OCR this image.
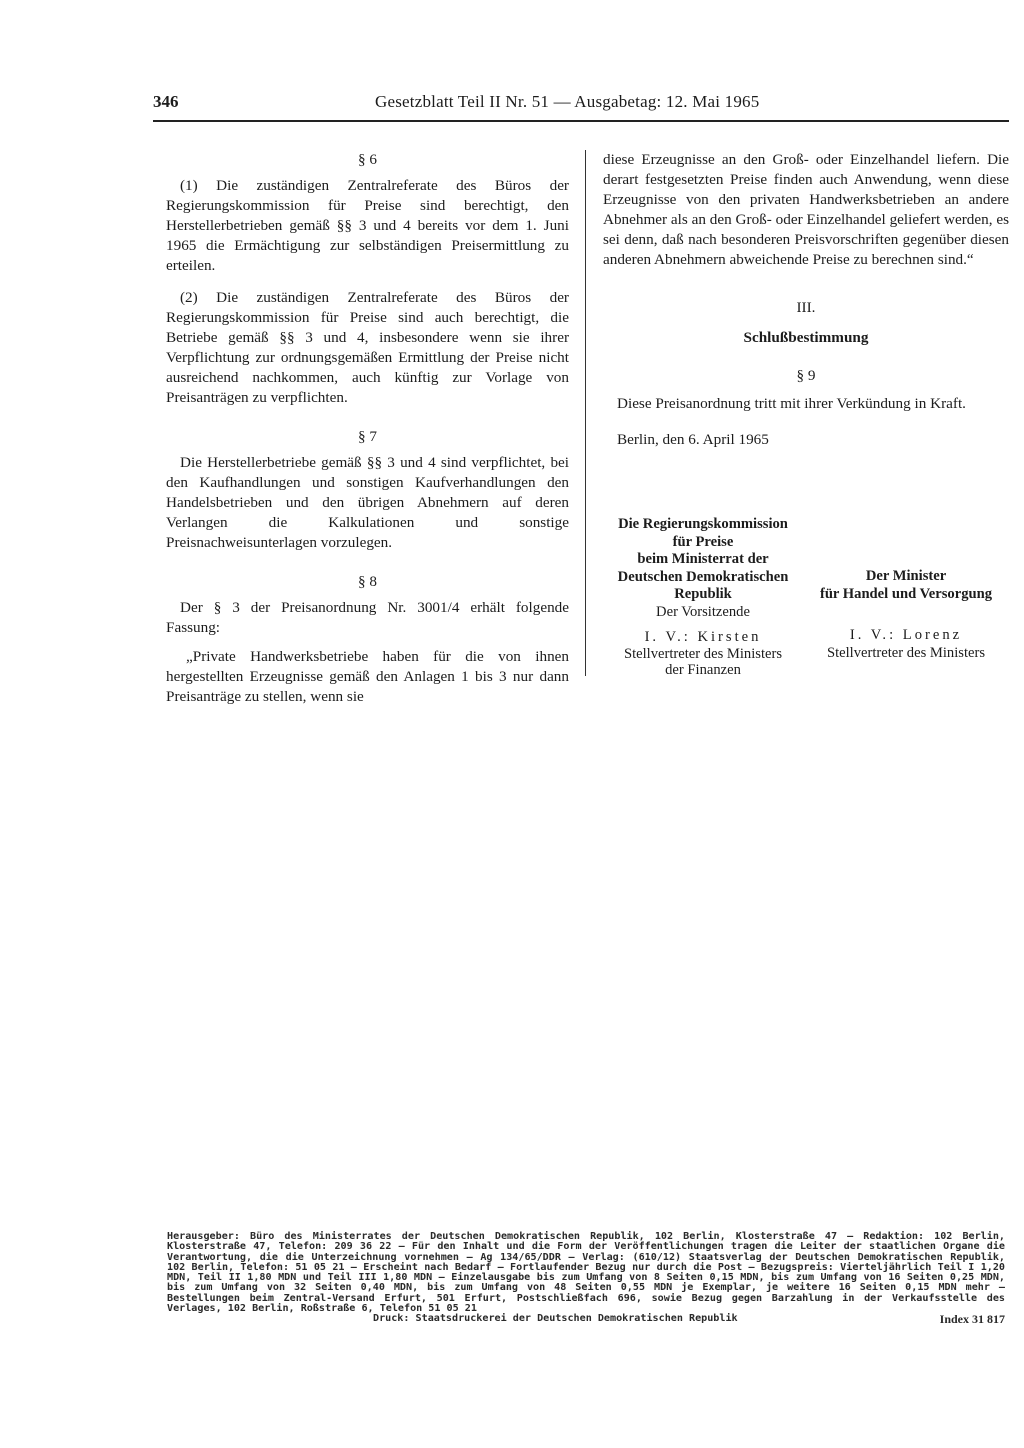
346	Gesetzblatt Teil II Nr. 51 — Ausgabetag: 12. Mai 1965

§ 6

(1) Die zuständigen Zentralreferate des Büros der Regierungskommission für Preise sind berechtigt, den Herstellerbetrieben gemäß §§ 3 und 4 bereits vor dem 1. Juni 1965 die Ermächtigung zur selbständigen Preisermittlung zu erteilen.

(2) Die zuständigen Zentralreferate des Büros der Regierungskommission für Preise sind auch berechtigt, die Betriebe gemäß §§ 3 und 4, insbesondere wenn sie ihrer Verpflichtung zur ordnungsgemäßen Ermittlung der Preise nicht ausreichend nachkommen, auch künftig zur Vorlage von Preisanträgen zu verpflichten.

§ 7

Die Herstellerbetriebe gemäß §§ 3 und 4 sind verpflichtet, bei den Kaufhandlungen und sonstigen Kaufverhandlungen den Handelsbetrieben und den übrigen Abnehmern auf deren Verlangen die Kalkulationen und sonstige Preisnachweisunterlagen vorzulegen.

§ 8

Der § 3 der Preisanordnung Nr. 3001/4 erhält folgende Fassung:

„Private Handwerksbetriebe haben für die von ihnen hergestellten Erzeugnisse gemäß den Anlagen 1 bis 3 nur dann Preisanträge zu stellen, wenn sie

diese Erzeugnisse an den Groß- oder Einzelhandel liefern. Die derart festgesetzten Preise finden auch Anwendung, wenn diese Erzeugnisse von den privaten Handwerksbetrieben an andere Abnehmer als an den Groß- oder Einzelhandel geliefert werden, es sei denn, daß nach besonderen Preisvorschriften gegenüber diesen anderen Abnehmern abweichende Preise zu berechnen sind.“

III.

Schlußbestimmung

§ 9

Diese Preisanordnung tritt mit ihrer Verkündung in Kraft.

Berlin, den 6. April 1965

Die Regierungskommission
für Preise
beim Ministerrat der
Deutschen Demokratischen
Republik
Der Vorsitzende
I. V.: Kirsten
Stellvertreter des Ministers
der Finanzen
Der Minister
für Handel und Versorgung
I. V.: Lorenz
Stellvertreter des Ministers
Herausgeber: Büro des Ministerrates der Deutschen Demokratischen Republik, 102 Berlin, Klosterstraße 47 – Redaktion: 102 Berlin, Klosterstraße 47, Telefon: 209 36 22 – Für den Inhalt und die Form der Veröffentlichungen tragen die Leiter der staatlichen Organe die Verantwortung, die die Unterzeichnung vornehmen – Ag 134/65/DDR – Verlag: (610/12) Staatsverlag der Deutschen Demokratischen Republik, 102 Berlin, Telefon: 51 05 21 – Erscheint nach Bedarf – Fortlaufender Bezug nur durch die Post – Bezugspreis: Vierteljährlich Teil I 1,20 MDN, Teil II 1,80 MDN und Teil III 1,80 MDN – Einzelausgabe bis zum Umfang von 8 Seiten 0,15 MDN, bis zum Umfang von 16 Seiten 0,25 MDN, bis zum Umfang von 32 Seiten 0,40 MDN, bis zum Umfang von 48 Seiten 0,55 MDN je Exemplar, je weitere 16 Seiten 0,15 MDN mehr – Bestellungen beim Zentral-Versand Erfurt, 501 Erfurt, Postschließfach 696, sowie Bezug gegen Barzahlung in der Verkaufsstelle des Verlages, 102 Berlin, Roßstraße 6, Telefon 51 05 21
Druck: Staatsdruckerei der Deutschen Demokratischen Republik	Index 31 817
